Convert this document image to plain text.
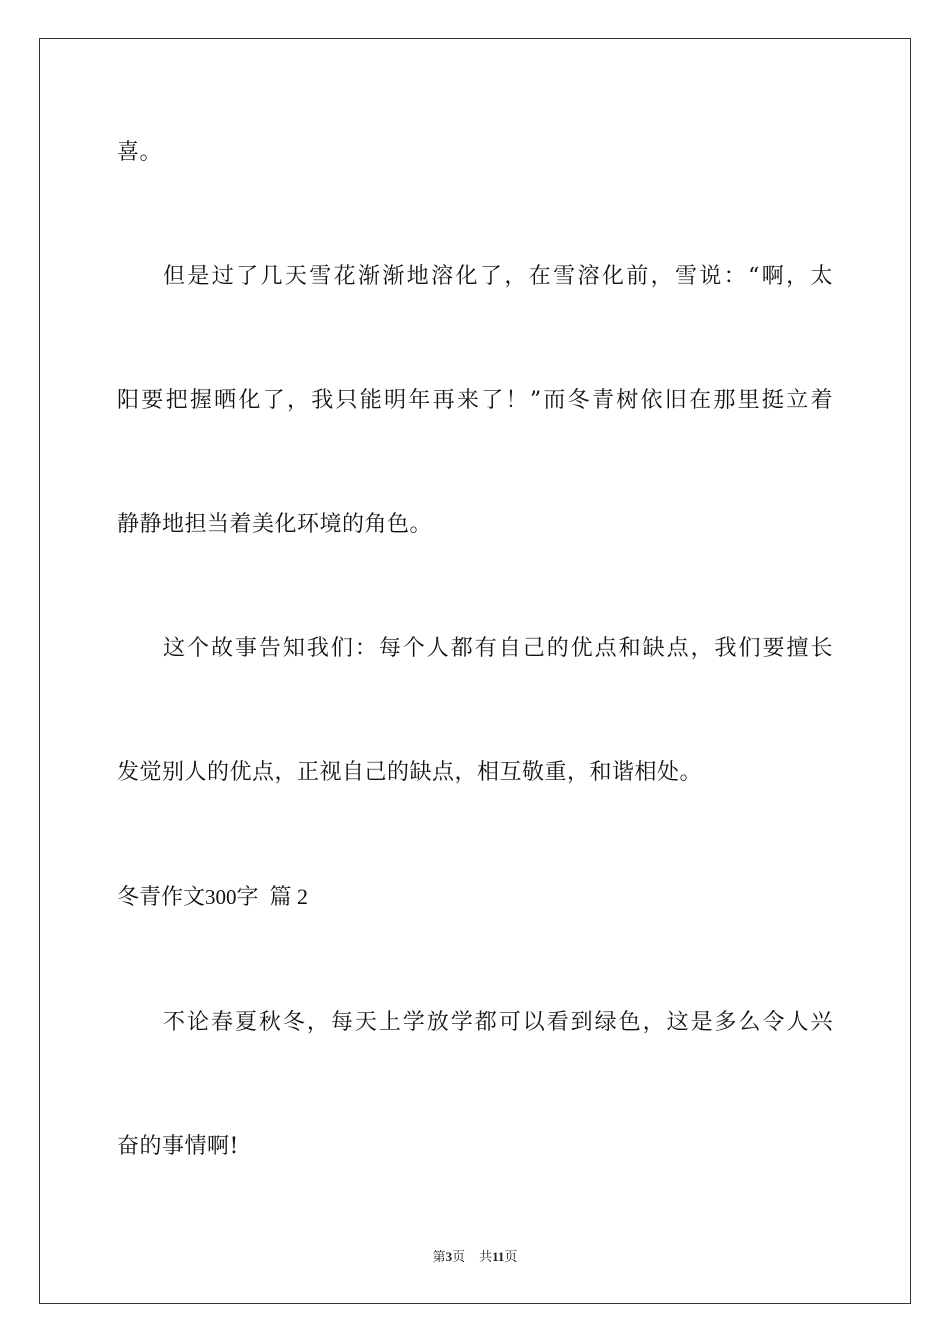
喜。
但是过了几天雪花渐渐地溶化了，在雪溶化前，雪说：“啊，太
阳要把握晒化了，我只能明年再来了！”而冬青树依旧在那里挺立着
静静地担当着美化环境的角色。
这个故事告知我们：每个人都有自己的优点和缺点，我们要擅长
发觉别人的优点，正视自己的缺点，相互敬重，和谐相处。
冬青作文300字  篇 2
不论春夏秋冬，每天上学放学都可以看到绿色，这是多么令人兴
奋的事情啊!
第3页 共11页
